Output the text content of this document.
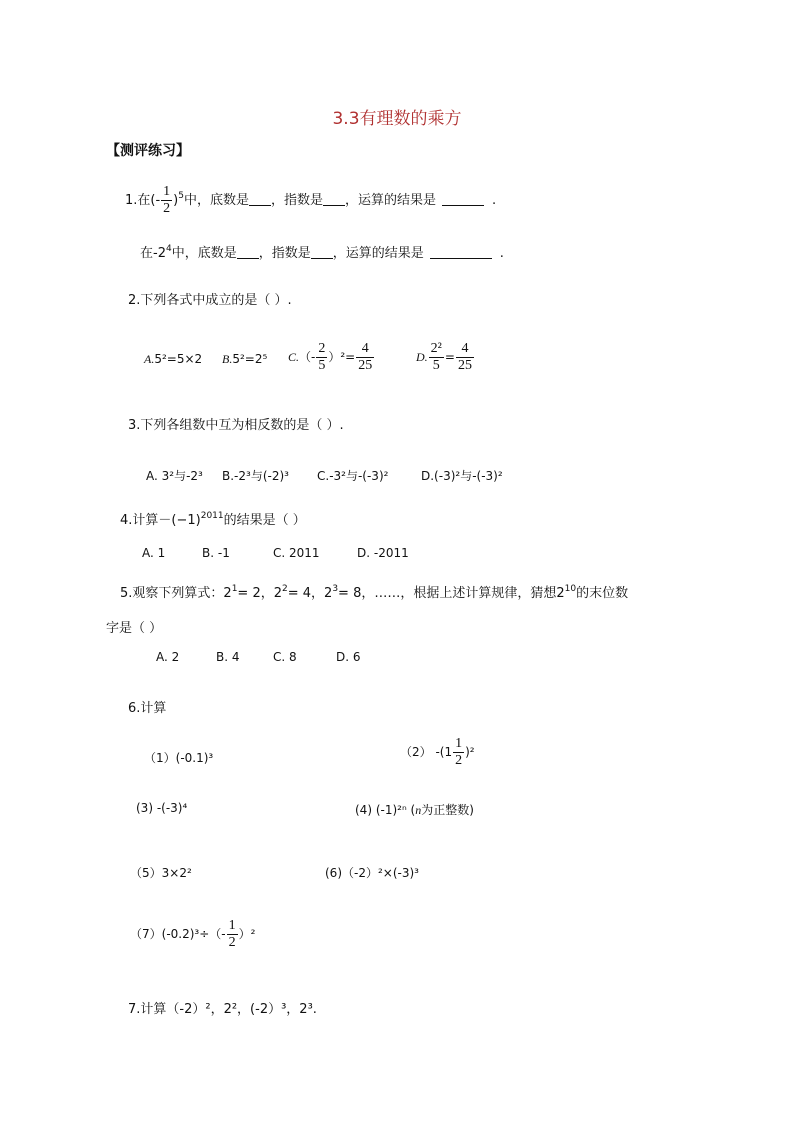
3.3有理数的乘方
【测评练习】
1.在(- $\frac{1}{2} )^5$中，底数是 ，指数是 ，运算的结果是	.
在$-2^4$中，底数是 ，指数是 ，运算的结果是	.
2.下列各式中成立的是（ ）.
A.5²=5×2 B.5²=2⁵ $C.(- \frac{2}{5} )^2= \frac{4}{25}$	D. $\frac{\text{2²}}{5} = \frac{4}{25}$
3.下列各组数中互为相反数的是（ ）.
A. 3²与-2³ B.-2³与(-2)³ C.-3²与-(-3)²	D.(-3)²与-(-3)²
4.计算$-(-1)^{2011}$的结果是（ ）
A. 1	B. -1	C. 2011	D. -2011
5.观察下列算式：$2^1= 2$，$2^2= 4$，$2^3= 8$，……，根据上述计算规律，猜想$2^{10}$的末位数
字是（ ）
A. 2	B. 4	C. 8	D. 6
6.计算
（1）(-0.1)³	（2） $-(1 \frac{1}{2} )^2$
(3) -(-3)⁴	(4) (-1)²ⁿ (n为正整数)
（5）3×2²	(6)（-2）²×(-3)³
$(7)(-0.2)^3\div(- \frac{1}{2} )^2$
7.计算（-2）²，2²，(-2）³，2³.
